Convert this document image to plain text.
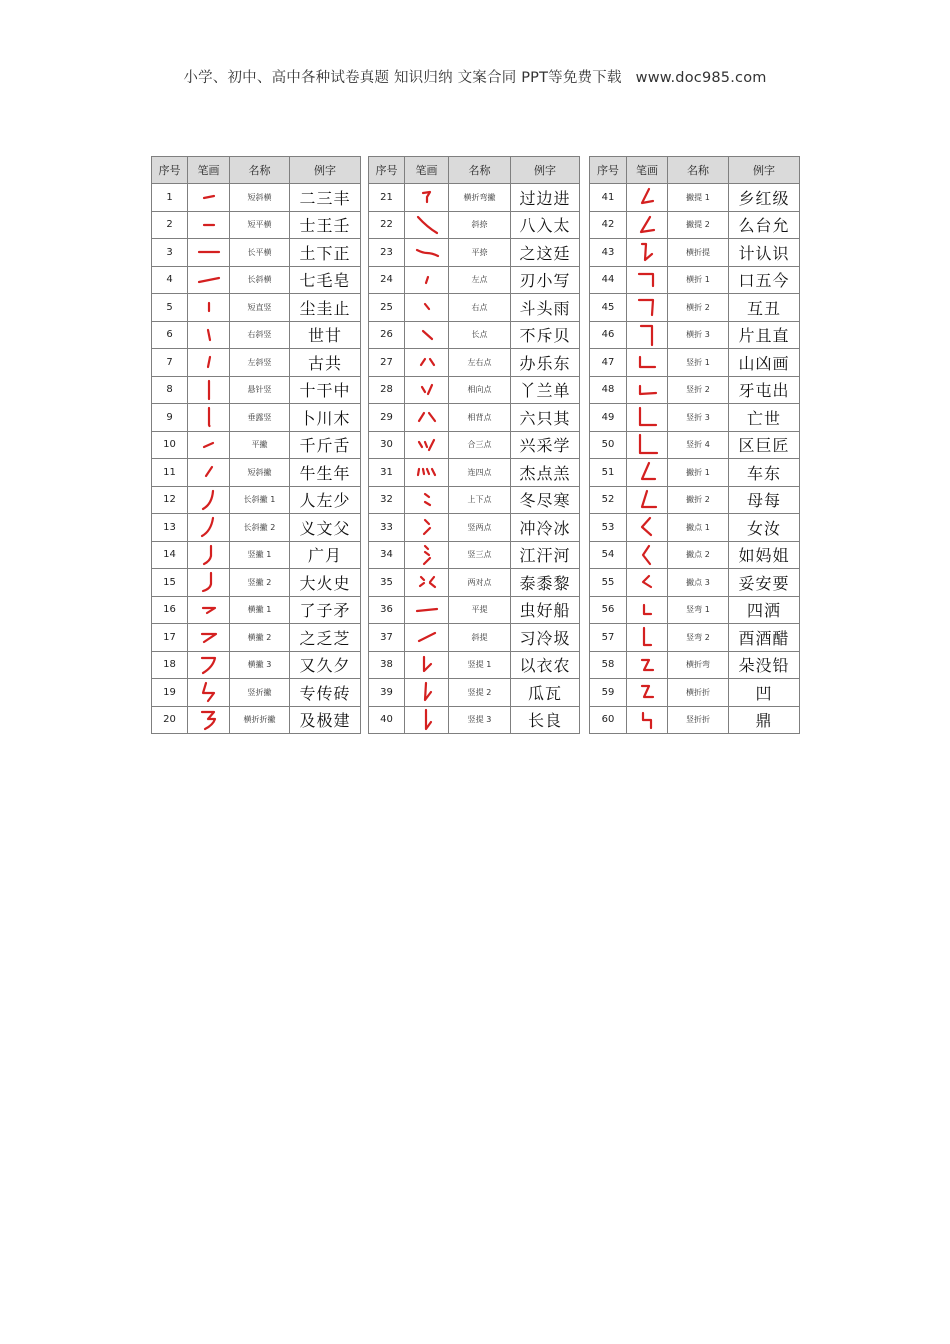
小学、初中、高中各种试卷真题 知识归纳 文案合同 PPT等免费下载 www.doc985.com
序号	笔画	名称	例字
1		短斜横	二三丰
2		短平横	士王壬
3		长平横	土下正
4		长斜横	七毛皂
5		短直竖	尘圭止
6		右斜竖	世甘
7		左斜竖	古共
8		悬针竖	十干中
9		垂露竖	卜川木
10		平撇	千斤舌
11		短斜撇	牛生年
12		长斜撇 1	人左少
13		长斜撇 2	义文父
14		竖撇 1	广月
15		竖撇 2	大火史
16		横撇 1	了子矛
17		横撇 2	之乏芝
18		横撇 3	又久夕
19		竖折撇	专传砖
20		横折折撇	及极建
序号	笔画	名称	例字
21		横折弯撇	过边进
22		斜捺	八入太
23		平捺	之这廷
24		左点	刃小写
25		右点	斗头雨
26		长点	不斥贝
27		左右点	办乐东
28		相向点	丫兰单
29		相背点	六只其
30		合三点	兴采学
31		连四点	杰点羔
32		上下点	冬尽寒
33		竖两点	冲冷冰
34		竖三点	江汗河
35		两对点	泰黍黎
36		平提	虫好船
37		斜提	习冷圾
38		竖提 1	以衣农
39		竖提 2	瓜瓦
40		竖提 3	长良
序号	笔画	名称	例字
41		撇提 1	乡红级
42		撇提 2	么台允
43		横折提	计认识
44		横折 1	口五今
45		横折 2	互丑
46		横折 3	片且直
47		竖折 1	山凶画
48		竖折 2	牙屯出
49		竖折 3	亡世
50		竖折 4	区巨匠
51		撇折 1	车东
52		撇折 2	母每
53		撇点 1	女汝
54		撇点 2	如妈姐
55		撇点 3	妥安要
56		竖弯 1	四洒
57		竖弯 2	酉酒醋
58		横折弯	朵没铅
59		横折折	凹
60		竖折折	鼎
